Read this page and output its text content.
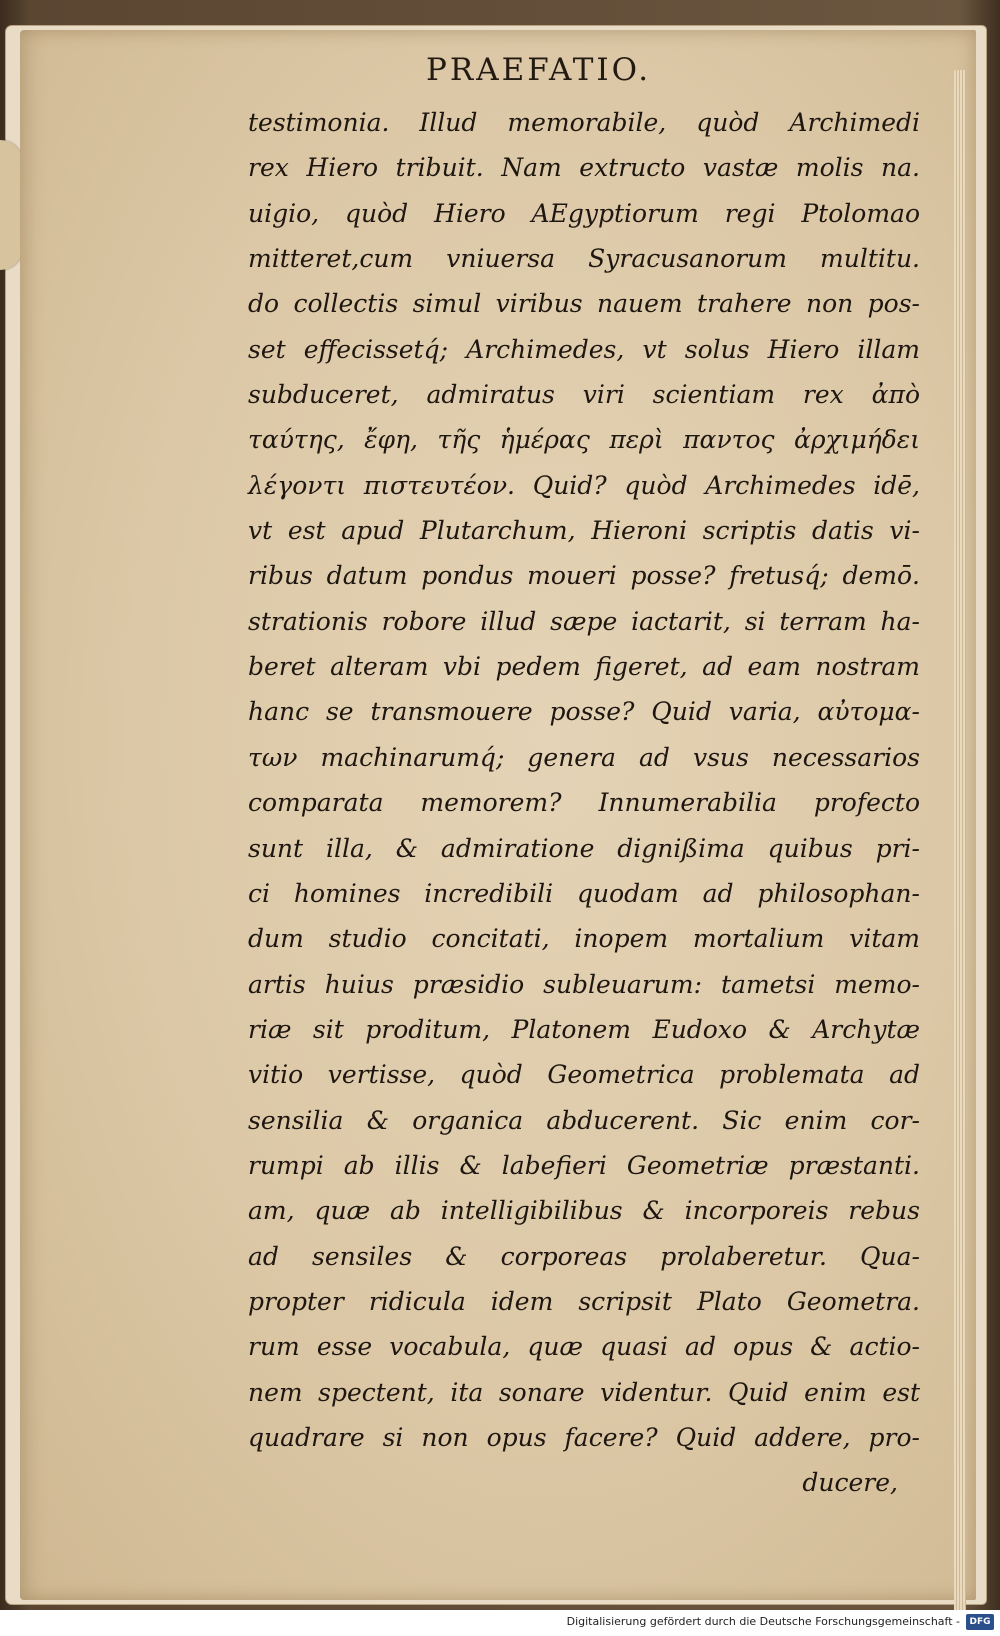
PRAEFATIO.
testimonia. Illud memorabile, quòd Archimedi
rex Hiero tribuit. Nam extructo vastæ molis na.
uigio, quòd Hiero AEgyptiorum regi Ptolomao
mitteret,cum vniuersa Syracusanorum multitu.
do collectis simul viribus nauem trahere non pos-
set effecisset​q́; Archimedes, vt solus Hiero illam
subduceret, admiratus viri scientiam rex ἀπὸ
ταύτης, ἔφη, τῆς ἡμέρας περὶ παντος ἀρχιμήδει
λέγοντι πιστευτέον. Quid? quòd Archimedes idē,
vt est apud Plutarchum, Hieroni scriptis datis vi-
ribus datum pondus moueri posse? fretusq́; demō.
strationis robore illud sæpe iactarit, si terram ha-
beret alteram vbi pedem figeret, ad eam nostram
hanc se transmouere posse? Quid varia, αὐτομα-
των machinarumq́; genera ad vsus necessarios
comparata memorem? Innumerabilia profecto
sunt illa, & admiratione dignißima quibus pri-
ci homines incredibili quodam ad philosophan-
dum studio concitati, inopem mortalium vitam
artis huius præsidio subleuarum: tametsi memo-
riæ sit proditum, Platonem Eudoxo & Archytæ
vitio vertisse, quòd Geometrica problemata ad
sensilia & organica abducerent. Sic enim cor-
rumpi ab illis & labefieri Geometriæ præstanti.
am, quæ ab intelligibilibus & incorporeis rebus
ad sensiles & corporeas prolaberetur. Qua-
propter ridicula idem scripsit Plato Geometra.
rum esse vocabula, quæ quasi ad opus & actio-
nem spectent, ita sonare videntur. Quid enim est
quadrare si non opus facere? Quid addere, pro-
ducere,
Digitalisierung gefördert durch die Deutsche Forschungsgemeinschaft -	DFG
